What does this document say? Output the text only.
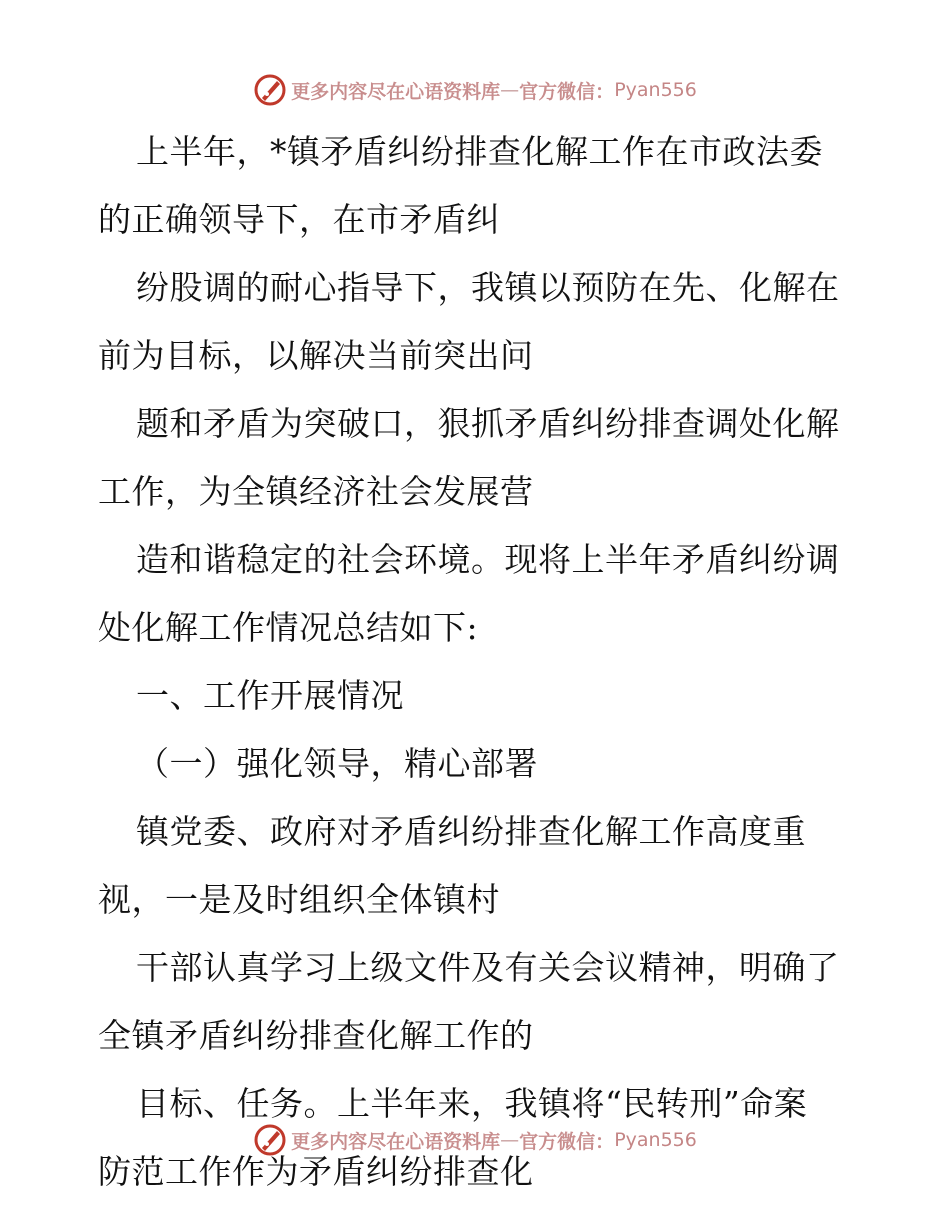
更多内容尽在心语资料库 — 官方微信： Pyan556
上半年，*镇矛盾纠纷排查化解工作在市政法委
的正确领导下，在市矛盾纠
纷股调的耐心指导下，我镇以预防在先、化解在
前为目标，以解决当前突出问
题和矛盾为突破口，狠抓矛盾纠纷排查调处化解
工作，为全镇经济社会发展营
造和谐稳定的社会环境。现将上半年矛盾纠纷调
处化解工作情况总结如下:
一、工作开展情况
（一）强化领导，精心部署
镇党委、政府对矛盾纠纷排查化解工作高度重
视，一是及时组织全体镇村
干部认真学习上级文件及有关会议精神，明确了
全镇矛盾纠纷排查化解工作的
目标、任务。上半年来，我镇将“民转刑”命案
防范工作作为矛盾纠纷排查化
更多内容尽在心语资料库 — 官方微信： Pyan556
